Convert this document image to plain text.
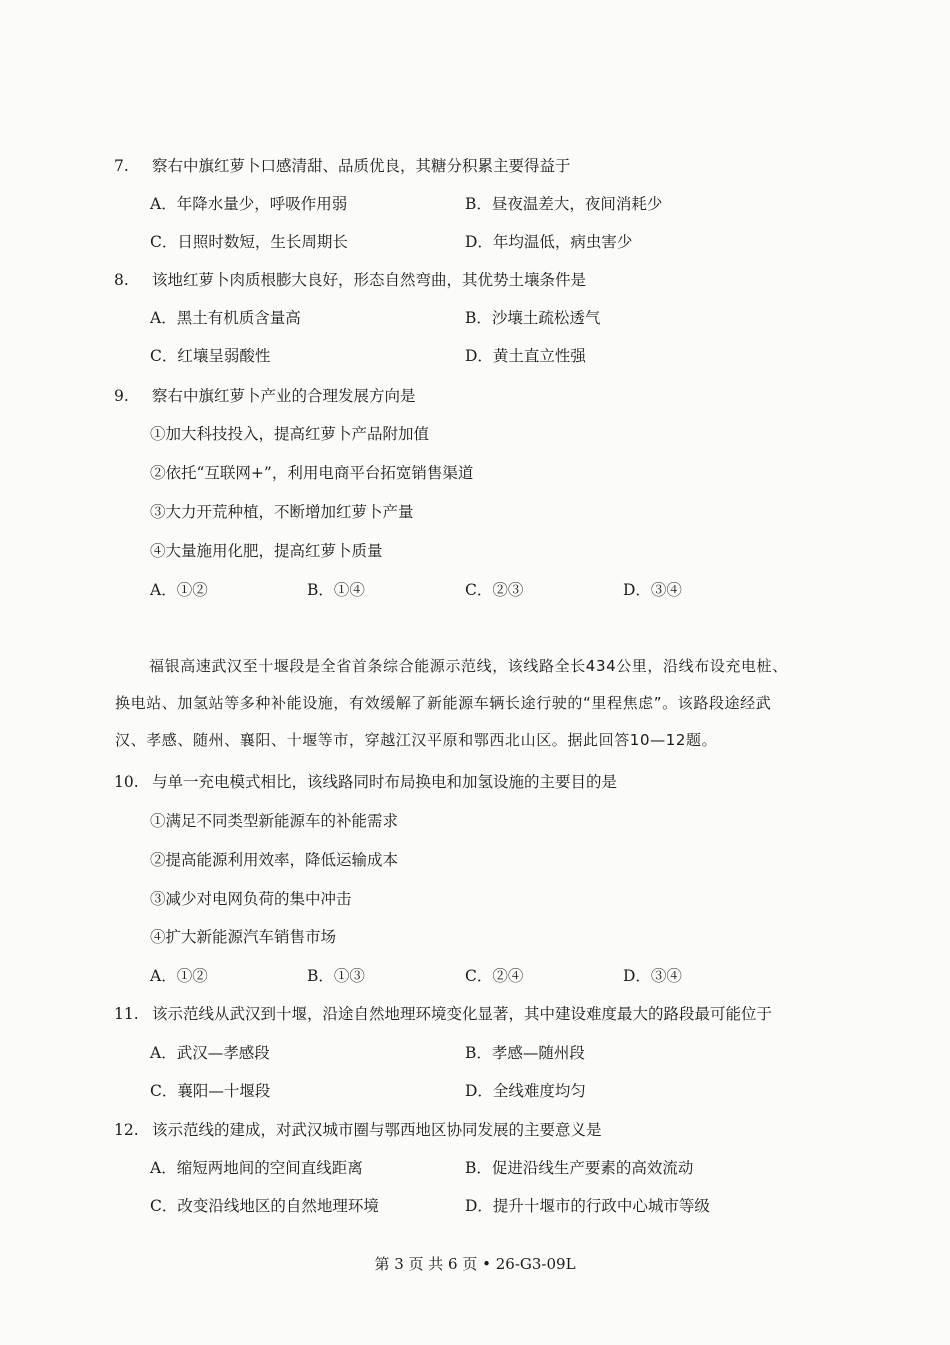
7. 察右中旗红萝卜口感清甜、品质优良，其糖分积累主要得益于
A．年降水量少，呼吸作用弱	B．昼夜温差大，夜间消耗少
C．日照时数短，生长周期长	D．年均温低，病虫害少
8. 该地红萝卜肉质根膨大良好，形态自然弯曲，其优势土壤条件是
A．黑土有机质含量高	B．沙壤土疏松透气
C．红壤呈弱酸性	D．黄土直立性强
9. 察右中旗红萝卜产业的合理发展方向是
①加大科技投入，提高红萝卜产品附加值
②依托“互联网+”，利用电商平台拓宽销售渠道
③大力开荒种植，不断增加红萝卜产量
④大量施用化肥，提高红萝卜质量
A．①②	B．①④	C．②③	D．③④
福银高速武汉至十堰段是全省首条综合能源示范线，该线路全长434公里，沿线布设充电桩、换电站、加氢站等多种补能设施，有效缓解了新能源车辆长途行驶的“里程焦虑”。该路段途经武汉、孝感、随州、襄阳、十堰等市，穿越江汉平原和鄂西北山区。据此回答10—12题。
10. 与单一充电模式相比，该线路同时布局换电和加氢设施的主要目的是
①满足不同类型新能源车的补能需求
②提高能源利用效率，降低运输成本
③减少对电网负荷的集中冲击
④扩大新能源汽车销售市场
A．①②	B．①③	C．②④	D．③④
11. 该示范线从武汉到十堰，沿途自然地理环境变化显著，其中建设难度最大的路段最可能位于
A．武汉—孝感段	B．孝感—随州段
C．襄阳—十堰段	D．全线难度均匀
12. 该示范线的建成，对武汉城市圈与鄂西地区协同发展的主要意义是
A．缩短两地间的空间直线距离	B．促进沿线生产要素的高效流动
C．改变沿线地区的自然地理环境	D．提升十堰市的行政中心城市等级
第 3 页 共 6 页 • 26-G3-09L
